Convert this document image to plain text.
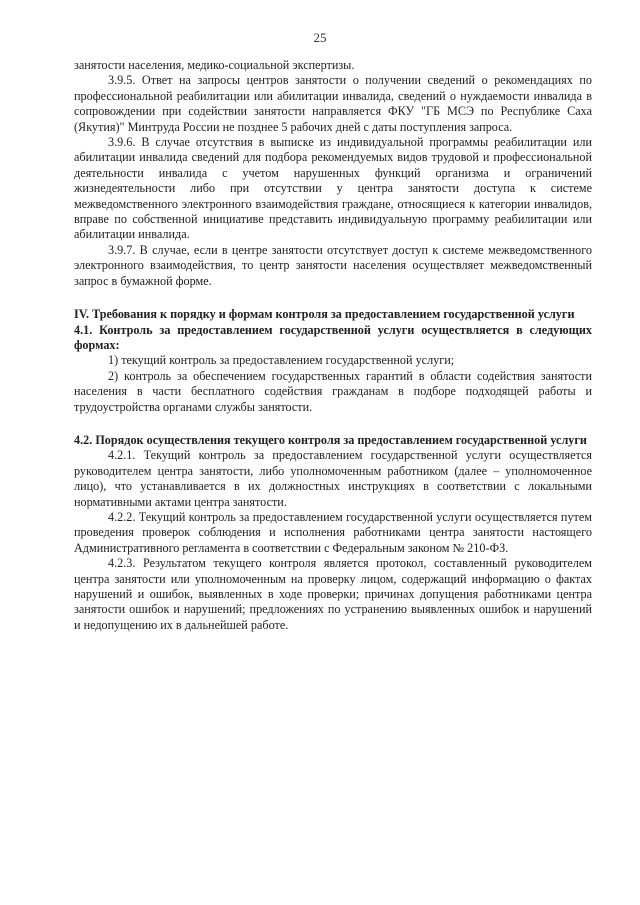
25

занятости населения, медико-социальной экспертизы.

3.9.5. Ответ на запросы центров занятости о получении сведений о рекомендациях по профессиональной реабилитации или абилитации инвалида, сведений о нуждаемости инвалида в сопровождении при содействии занятости направляется ФКУ "ГБ МСЭ по Республике Саха (Якутия)" Минтруда России не позднее 5 рабочих дней с даты поступления запроса.

3.9.6. В случае отсутствия в выписке из индивидуальной программы реабилитации или абилитации инвалида сведений для подбора рекомендуемых видов трудовой и профессиональной деятельности инвалида с учетом нарушенных функций организма и ограничений жизнедеятельности либо при отсутствии у центра занятости доступа к системе межведомственного электронного взаимодействия граждане, относящиеся к категории инвалидов, вправе по собственной инициативе представить индивидуальную программу реабилитации или абилитации инвалида.

3.9.7. В случае, если в центре занятости отсутствует доступ к системе межведомственного электронного взаимодействия, то центр занятости населения осуществляет межведомственный запрос в бумажной форме.

IV. Требования к порядку и формам контроля за предоставлением государственной услуги

4.1. Контроль за предоставлением государственной услуги осуществляется в следующих формах:

1) текущий контроль за предоставлением государственной услуги;

2) контроль за обеспечением государственных гарантий в области содействия занятости населения в части бесплатного содействия гражданам в подборе подходящей работы и трудоустройства органами службы занятости.

4.2. Порядок осуществления текущего контроля за предоставлением государственной услуги

4.2.1. Текущий контроль за предоставлением государственной услуги осуществляется руководителем центра занятости, либо уполномоченным работником (далее – уполномоченное лицо), что устанавливается в их должностных инструкциях в соответствии с локальными нормативными актами центра занятости.

4.2.2. Текущий контроль за предоставлением государственной услуги осуществляется путем проведения проверок соблюдения и исполнения работниками центра занятости настоящего Административного регламента в соответствии с Федеральным законом № 210-ФЗ.

4.2.3. Результатом текущего контроля является протокол, составленный руководителем центра занятости или уполномоченным на проверку лицом, содержащий информацию о фактах нарушений и ошибок, выявленных в ходе проверки; причинах допущения работниками центра занятости ошибок и нарушений; предложениях по устранению выявленных ошибок и нарушений и недопущению их в дальнейшей работе.
